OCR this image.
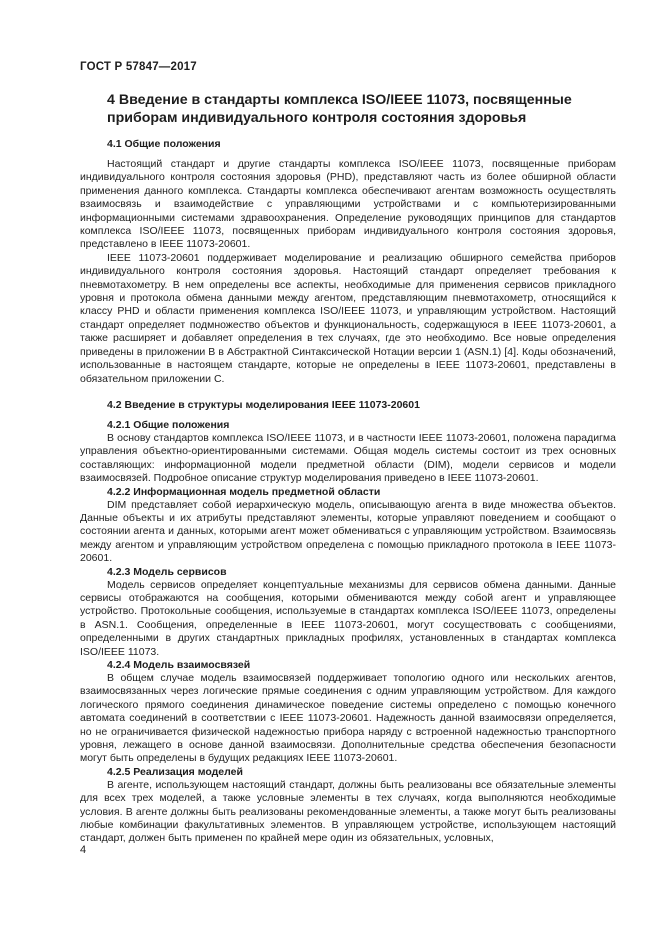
ГОСТ Р 57847—2017
4 Введение в стандарты комплекса ISO/IEEE 11073, посвященные приборам индивидуального контроля состояния здоровья
4.1 Общие положения

Настоящий стандарт и другие стандарты комплекса ISO/IEEE 11073, посвященные приборам индивидуального контроля состояния здоровья (PHD), представляют часть из более обширной области применения данного комплекса. Стандарты комплекса обеспечивают агентам возможность осуществлять взаимосвязь и взаимодействие с управляющими устройствами и с компьютеризированными информационными системами здравоохранения. Определение руководящих принципов для стандартов комплекса ISO/IEEE 11073, посвященных приборам индивидуального контроля состояния здоровья, представлено в IEEE 11073-20601.

IEEE 11073-20601 поддерживает моделирование и реализацию обширного семейства приборов индивидуального контроля состояния здоровья. Настоящий стандарт определяет требования к пневмотахометру. В нем определены все аспекты, необходимые для применения сервисов прикладного уровня и протокола обмена данными между агентом, представляющим пневмотахометр, относящийся к классу PHD и области применения комплекса ISO/IEEE 11073, и управляющим устройством. Настоящий стандарт определяет подмножество объектов и функциональность, содержащуюся в IEEE 11073-20601, а также расширяет и добавляет определения в тех случаях, где это необходимо. Все новые определения приведены в приложении В в Абстрактной Синтаксической Нотации версии 1 (ASN.1) [4]. Коды обозначений, использованные в настоящем стандарте, которые не определены в IEEE 11073-20601, представлены в обязательном приложении С.

4.2 Введение в структуры моделирования IEEE 11073-20601
4.2.1 Общие положения

В основу стандартов комплекса ISO/IEEE 11073, и в частности IEEE 11073-20601, положена парадигма управления объектно-ориентированными системами. Общая модель системы состоит из трех основных составляющих: информационной модели предметной области (DIM), модели сервисов и модели взаимосвязей. Подробное описание структур моделирования приведено в IEEE 11073-20601.

4.2.2 Информационная модель предметной области

DIM представляет собой иерархическую модель, описывающую агента в виде множества объектов. Данные объекты и их атрибуты представляют элементы, которые управляют поведением и сообщают о состоянии агента и данных, которыми агент может обмениваться с управляющим устройством. Взаимосвязь между агентом и управляющим устройством определена с помощью прикладного протокола в IEEE 11073-20601.

4.2.3 Модель сервисов

Модель сервисов определяет концептуальные механизмы для сервисов обмена данными. Данные сервисы отображаются на сообщения, которыми обмениваются между собой агент и управляющее устройство. Протокольные сообщения, используемые в стандартах комплекса ISO/IEEE 11073, определены в ASN.1. Сообщения, определенные в IEEE 11073-20601, могут сосуществовать с сообщениями, определенными в других стандартных прикладных профилях, установленных в стандартах комплекса ISO/IEEE 11073.

4.2.4 Модель взаимосвязей

В общем случае модель взаимосвязей поддерживает топологию одного или нескольких агентов, взаимосвязанных через логические прямые соединения с одним управляющим устройством. Для каждого логического прямого соединения динамическое поведение системы определено с помощью конечного автомата соединений в соответствии с IEEE 11073-20601. Надежность данной взаимосвязи определяется, но не ограничивается физической надежностью прибора наряду с встроенной надежностью транспортного уровня, лежащего в основе данной взаимосвязи. Дополнительные средства обеспечения безопасности могут быть определены в будущих редакциях IEEE 11073-20601.

4.2.5 Реализация моделей

В агенте, использующем настоящий стандарт, должны быть реализованы все обязательные элементы для всех трех моделей, а также условные элементы в тех случаях, когда выполняются необходимые условия. В агенте должны быть реализованы рекомендованные элементы, а также могут быть реализованы любые комбинации факультативных элементов. В управляющем устройстве, использующем настоящий стандарт, должен быть применен по крайней мере один из обязательных, условных,

4
